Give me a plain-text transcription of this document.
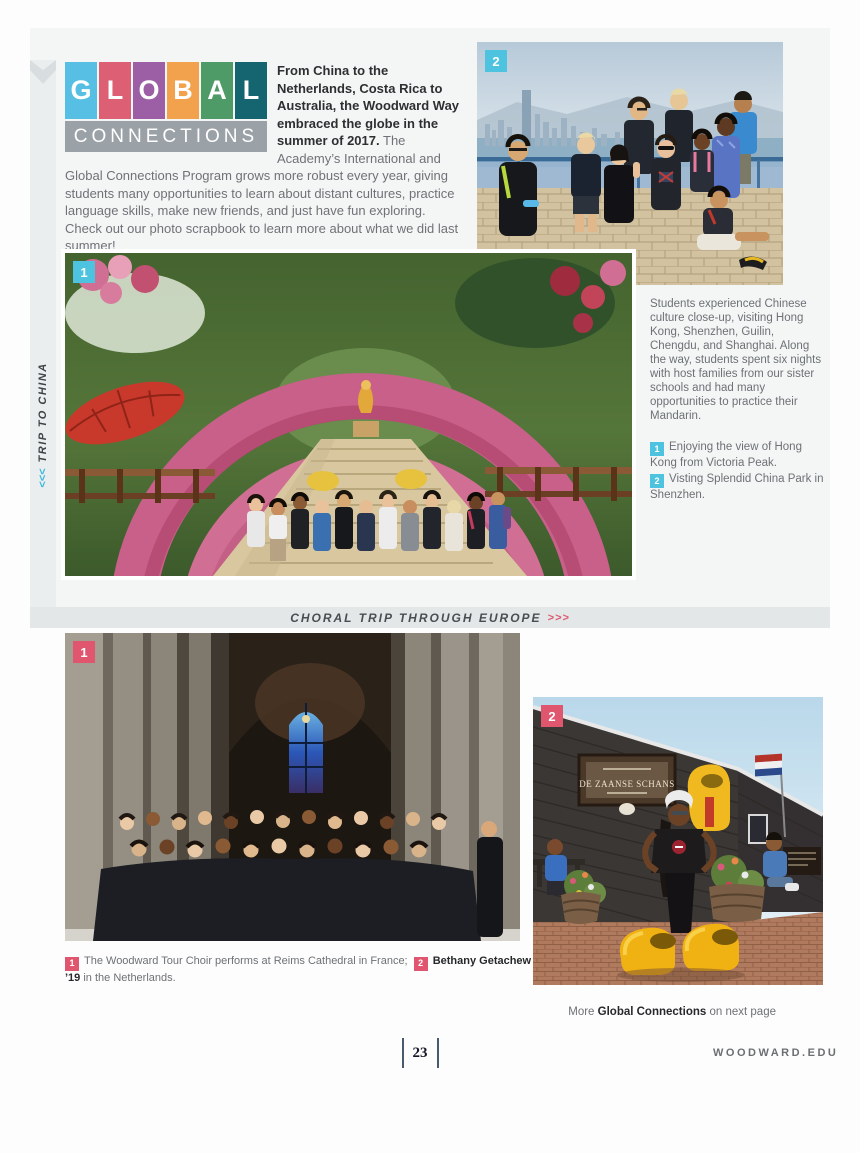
<<<TRIP TO CHINA
G L O B A L
CONNECTIONS
From China to the Netherlands, Costa Rica to Australia, the Woodward Way embraced the globe in the summer of 2017. The Academy’s International and Global Connections Program grows more robust every year, giving students many opportunities to learn about distant cultures, practice language skills, make new friends, and just have fun exploring. Check out our photo scrapbook to learn more about what we did last summer!
2
1
Students experienced Chinese culture close-up, visiting Hong Kong, Shenzhen, Guilin, Chengdu, and Shanghai. Along the way, students spent six nights with host families from our sister schools and had many opportunities to practice their Mandarin.
1 Enjoying the view of Hong Kong from Victoria Peak.
2 Visting Splendid China Park in Shenzhen.
CHORAL TRIP THROUGH EUROPE >>>
1
2
DE ZAANSE SCHANS
1 The Woodward Tour Choir performs at Reims Cathedral in France; 2 Bethany Getachew ’19 in the Netherlands.
More Global Connections on next page
23	WOODWARD.EDU
